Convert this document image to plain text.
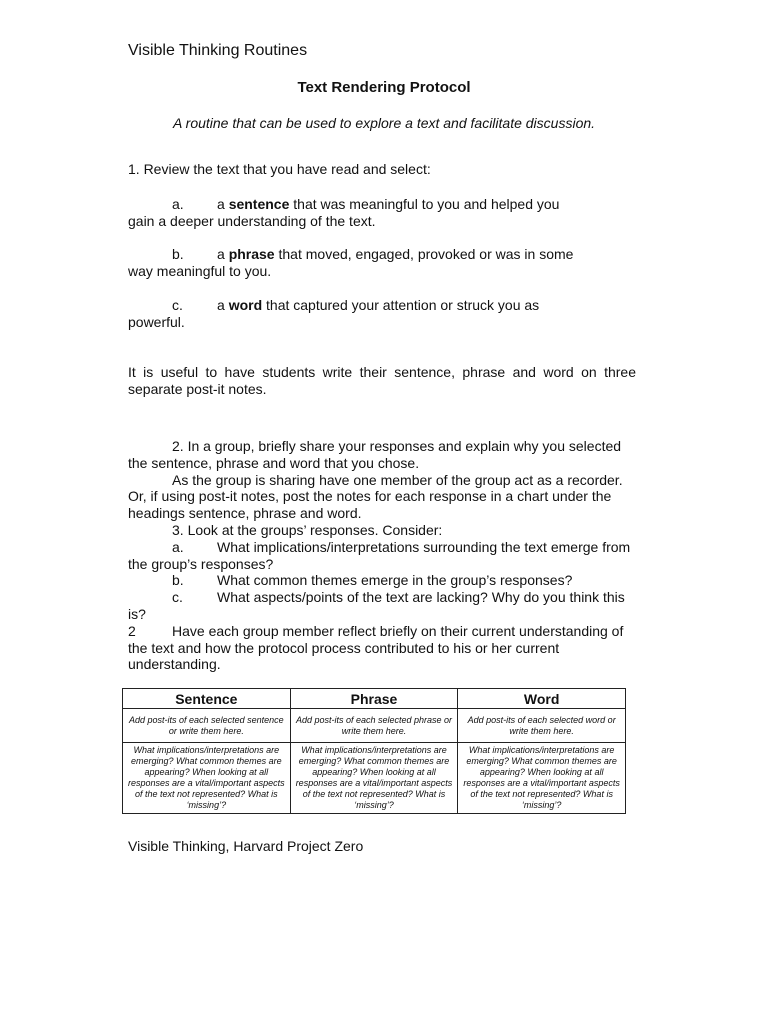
Visible Thinking Routines
Text Rendering Protocol
A routine that can be used to explore a text and facilitate discussion.
1. Review the text that you have read and select:
a. a sentence that was meaningful to you and helped you
gain a deeper understanding of the text.
b. a phrase that moved, engaged, provoked or was in some
way meaningful to you.
c. a word that captured your attention or struck you as
powerful.
It is useful to have students write their sentence, phrase and word on three
separate post-it notes.
2. In a group, briefly share your responses and explain why you selected
the sentence, phrase and word that you chose.
As the group is sharing have one member of the group act as a recorder.
Or, if using post-it notes, post the notes for each response in a chart under the
headings sentence, phrase and word.
3. Look at the groups’ responses. Consider:
a. What implications/interpretations surrounding the text emerge from
the group’s responses?
b. What common themes emerge in the group’s responses?
c. What aspects/points of the text are lacking? Why do you think this
is?
2	Have each group member reflect briefly on their current understanding of
the text and how the protocol process contributed to his or her current
understanding.
Sentence	Phrase	Word
Add post-its of each selected sentence or write them here.	Add post-its of each selected phrase or write them here.	Add post-its of each selected word or write them here.
What implications/interpretations are emerging? What common themes are appearing? When looking at all responses are a vital/important aspects of the text not represented? What is ‘missing’?	What implications/interpretations are emerging? What common themes are appearing? When looking at all responses are a vital/important aspects of the text not represented? What is ‘missing’?	What implications/interpretations are emerging? What common themes are appearing? When looking at all responses are a vital/important aspects of the text not represented? What is ‘missing’?
Visible Thinking, Harvard Project Zero
